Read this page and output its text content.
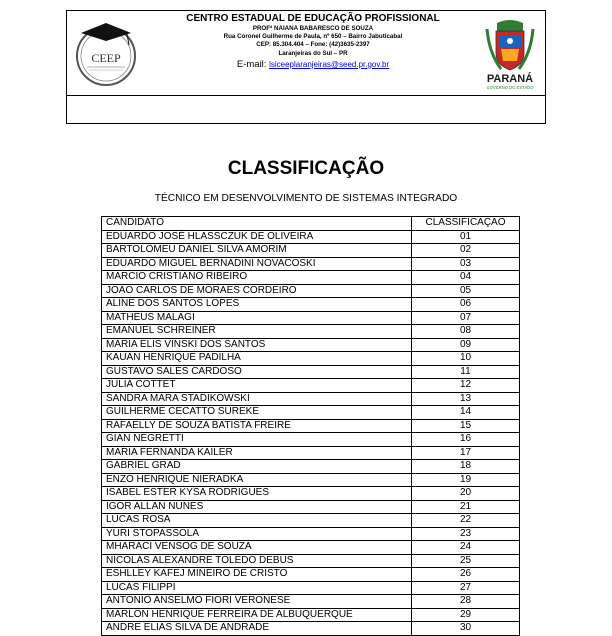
CEEP
CENTRO ESTADUAL DE EDUCAÇÃO PROFISSIONAL
PROFª NAIANA BABARESCO DE SOUZA
Rua Coronel Guilherme de Paula, nº 650 – Bairro Jabuticabal
CEP: 85.304.404 – Fone: (42)3635-2397
Laranjeiras do Sul – PR
E-mail: lsiceeplaranjeiras@seed.pr.gov.br
PARANÁ
GOVERNO DO ESTADO
CLASSIFICAÇÃO
TÉCNICO EM DESENVOLVIMENTO DE SISTEMAS INTEGRADO
CANDIDATO	CLASSIFICAÇÃO
EDUARDO JOSÉ HLASSCZUK DE OLIVEIRA	01
BARTOLOMEU DANIEL SILVA AMORIM	02
EDUARDO MIGUEL BERNADINI NOVACOSKI	03
MARCIO CRISTIANO RIBEIRO	04
JOÃO CARLOS DE MORAES CORDEIRO	05
ALINE DOS SANTOS LOPES	06
MATHEUS MALAGI	07
EMANUEL SCHREINER	08
MARIA ELIS VINSKI DOS SANTOS	09
KAUAN HENRIQUE PADILHA	10
GUSTAVO SALES CARDOSO	11
JULIA COTTET	12
SANDRA MARA STADIKOWSKI	13
GUILHERME CECATTO SUREKE	14
RAFAELLY DE SOUZA BATISTA FREIRE	15
GIAN NEGRETTI	16
MARIA FERNANDA KAILER	17
GABRIEL GRAD	18
ENZO HENRIQUE NIERADKA	19
ISABEL ESTER KYSA RODRIGUES	20
IGOR ALLAN NUNES	21
LUCAS ROSA	22
YURI STOPASSOLA	23
MHARACI VENSOG DE SOUZA	24
NICOLAS ALEXANDRE TOLEDO DEBUS	25
ESHLLEY KAFEJ MINEIRO DE CRISTO	26
LUCAS FILIPPI	27
ANTONIO ANSELMO FIORI VERONESE	28
MARLON HENRIQUE FERREIRA DE ALBUQUERQUE	29
ANDRE ELIAS SILVA DE ANDRADE	30
